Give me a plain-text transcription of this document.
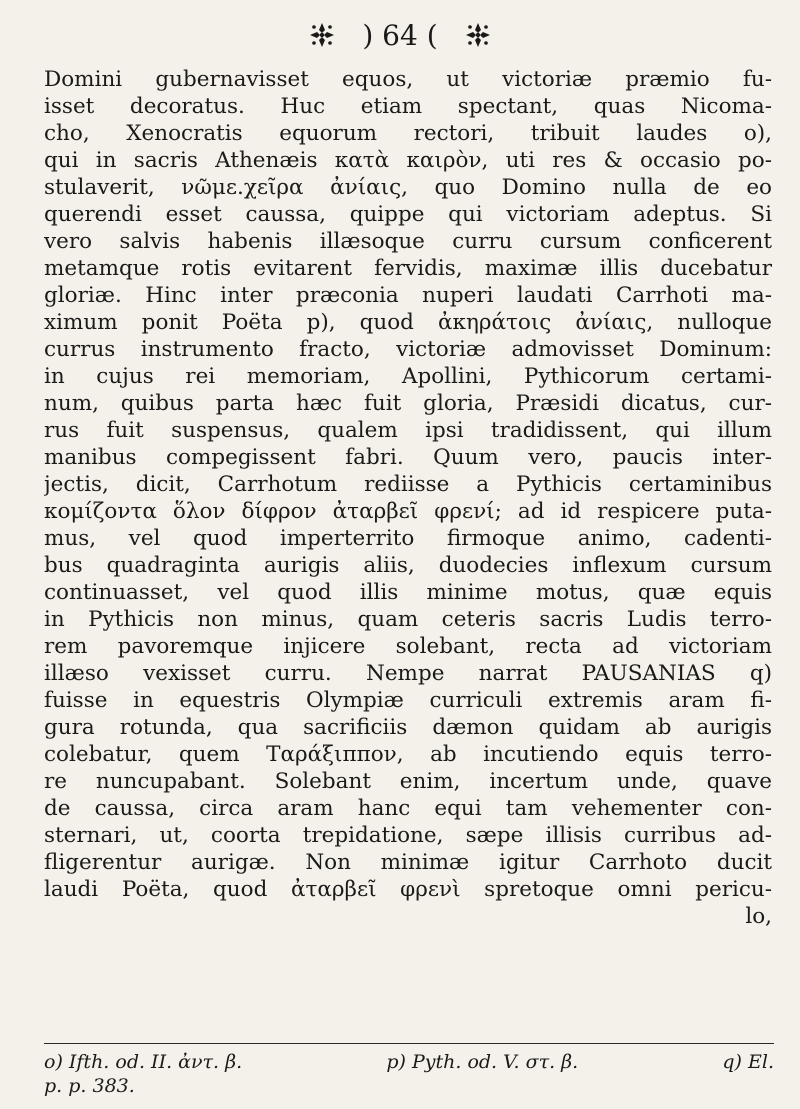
) 64 (
Domini gubernavisset equos, ut victoriæ præmio fu-
isset decoratus. Huc etiam spectant, quas Nicoma-
cho, Xenocratis equorum rectori, tribuit laudes o),
qui in sacris Athenæis κατὰ καιρὸν, uti res & occasio po-
stulaverit, νῶμε.χεῖρα ἀνίαις, quo Domino nulla de eo
querendi esset caussa, quippe qui victoriam adeptus. Si
vero salvis habenis illæsoque curru cursum conficerent
metamque rotis evitarent fervidis, maximæ illis ducebatur
gloriæ. Hinc inter præconia nuperi laudati Carrhoti ma-
ximum ponit Poëta p), quod ἀκηράτοις ἀνίαις, nulloque
currus instrumento fracto, victoriæ admovisset Dominum:
in cujus rei memoriam, Apollini, Pythicorum certami-
num, quibus parta hæc fuit gloria, Præsidi dicatus, cur-
rus fuit suspensus, qualem ipsi tradidissent, qui illum
manibus compegissent fabri. Quum vero, paucis inter-
jectis, dicit, Carrhotum rediisse a Pythicis certaminibus
κομίζοντα ὅλον δίφρον ἀταρβεῖ φρενί; ad id respicere puta-
mus, vel quod imperterrito firmoque animo, cadenti-
bus quadraginta aurigis aliis, duodecies inflexum cursum
continuasset, vel quod illis minime motus, quæ equis
in Pythicis non minus, quam ceteris sacris Ludis terro-
rem pavoremque injicere solebant, recta ad victoriam
illæso vexisset curru. Nempe narrat PAUSANIAS q)
fuisse in equestris Olympiæ curriculi extremis aram fi-
gura rotunda, qua sacrificiis dæmon quidam ab aurigis
colebatur, quem Ταράξιππον, ab incutiendo equis terro-
re nuncupabant. Solebant enim, incertum unde, quave
de caussa, circa aram hanc equi tam vehementer con-
sternari, ut, coorta trepidatione, sæpe illisis curribus ad-
fligerentur aurigæ. Non minimæ igitur Carrhoto ducit
laudi Poëta, quod ἀταρβεῖ φρενὶ spretoque omni pericu-
lo,
o) Ifth. od. II. ἀντ. β.	p) Pyth. od. V. στ. β.	q) El.
p. p. 383.
